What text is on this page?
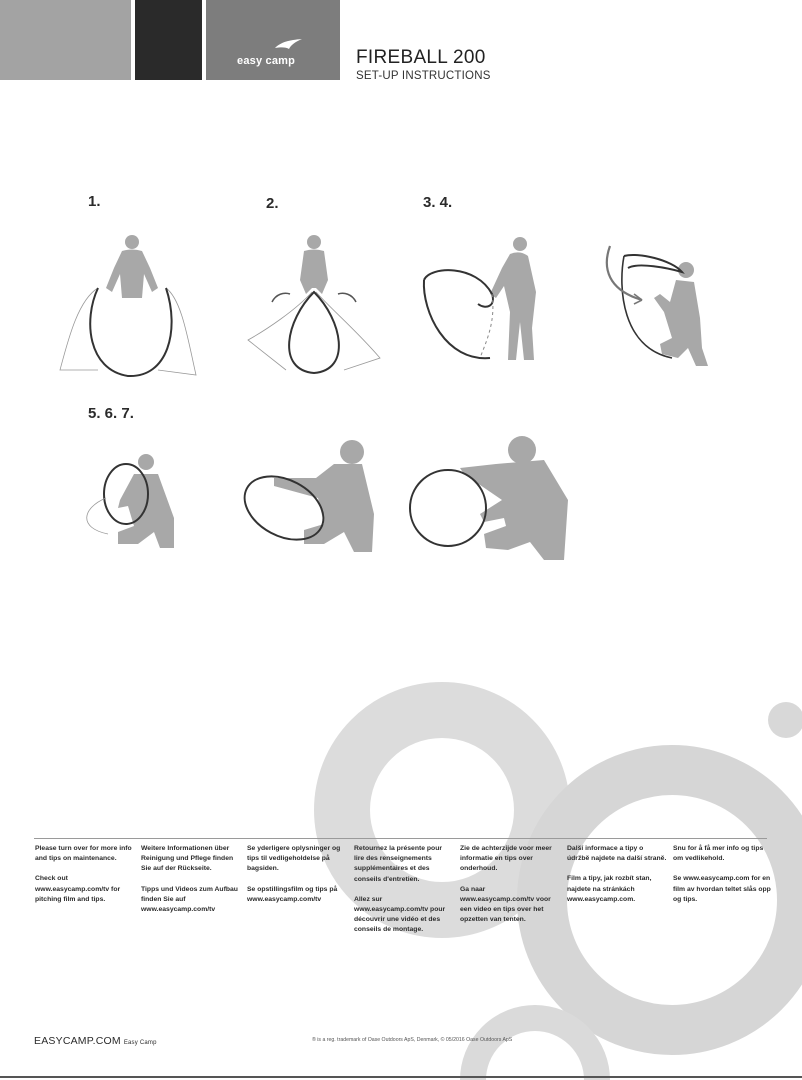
easy camp	FIREBALL 200
SET-UP INSTRUCTIONS
1.	2.	3. 4.
5. 6. 7.

Please turn over for more info and tips on maintenance.

Check out www.easycamp.com/tv for pitching film and tips.

Weitere Informationen über Reinigung und Pflege finden Sie auf der Rückseite.

Tipps und Videos zum Aufbau finden Sie auf www.easycamp.com/tv

Se yderligere oplysninger og tips til vedligeholdelse på bagsiden.

Se opstillingsfilm og tips på www.easycamp.com/tv

Retournez la présente pour lire des renseignements supplémentaires et des conseils d'entretien.

Allez sur www.easycamp.com/tv pour découvrir une vidéo et des conseils de montage.

Zie de achterzijde voor meer informatie en tips over onderhoud.

Ga naar www.easycamp.com/tv voor een video en tips over het opzetten van tenten.

Další informace a tipy o údržbě najdete na další straně.

Film a tipy, jak rozbít stan, najdete na stránkách www.easycamp.com.

Snu for å få mer info og tips om vedlikehold.

Se www.easycamp.com for en film av hvordan teltet slås opp og tips.

EASYCAMP.COM Easy Camp	® is a reg. trademark of Oase Outdoors ApS, Denmark, © 05/2016 Oase Outdoors ApS
